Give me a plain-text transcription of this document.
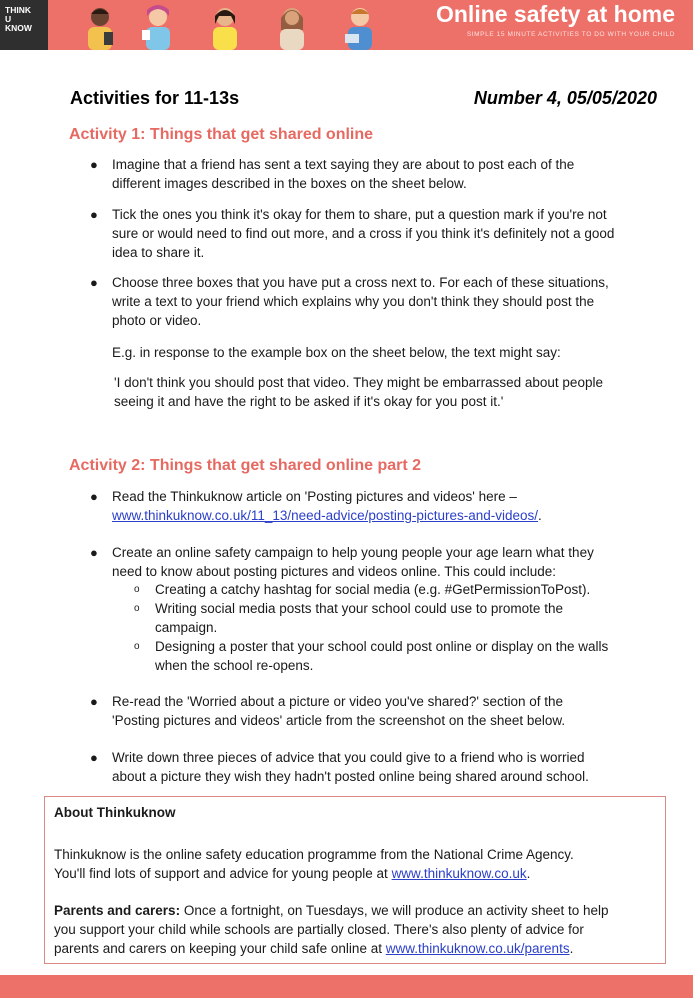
THINK
U
KNOW
Online safety at home
SIMPLE 15 MINUTE ACTIVITIES TO DO WITH YOUR CHILD
Activities for 11-13s	Number 4, 05/05/2020
Activity 1: Things that get shared online
● Imagine that a friend has sent a text saying they are about to post each of the
different images described in the boxes on the sheet below.
● Tick the ones you think it's okay for them to share, put a question mark if you're not
sure or would need to find out more, and a cross if you think it's definitely not a good
idea to share it.
● Choose three boxes that you have put a cross next to. For each of these situations,
write a text to your friend which explains why you don't think they should post the
photo or video.
E.g. in response to the example box on the sheet below, the text might say:
'I don't think you should post that video. They might be embarrassed about people
seeing it and have the right to be asked if it's okay for you post it.'
Activity 2: Things that get shared online part 2
● Read the Thinkuknow article on 'Posting pictures and videos' here –
www.thinkuknow.co.uk/11_13/need-advice/posting-pictures-and-videos/.
● Create an online safety campaign to help young people your age learn what they
need to know about posting pictures and videos online. This could include:
o Creating a catchy hashtag for social media (e.g. #GetPermissionToPost).
o Writing social media posts that your school could use to promote the
campaign.
o Designing a poster that your school could post online or display on the walls
when the school re-opens.
● Re-read the 'Worried about a picture or video you've shared?' section of the
'Posting pictures and videos' article from the screenshot on the sheet below.
● Write down three pieces of advice that you could give to a friend who is worried
about a picture they wish they hadn't posted online being shared around school.
About Thinkuknow
Thinkuknow is the online safety education programme from the National Crime Agency.
You'll find lots of support and advice for young people at www.thinkuknow.co.uk.
Parents and carers: Once a fortnight, on Tuesdays, we will produce an activity sheet to help
you support your child while schools are partially closed. There's also plenty of advice for
parents and carers on keeping your child safe online at www.thinkuknow.co.uk/parents.
